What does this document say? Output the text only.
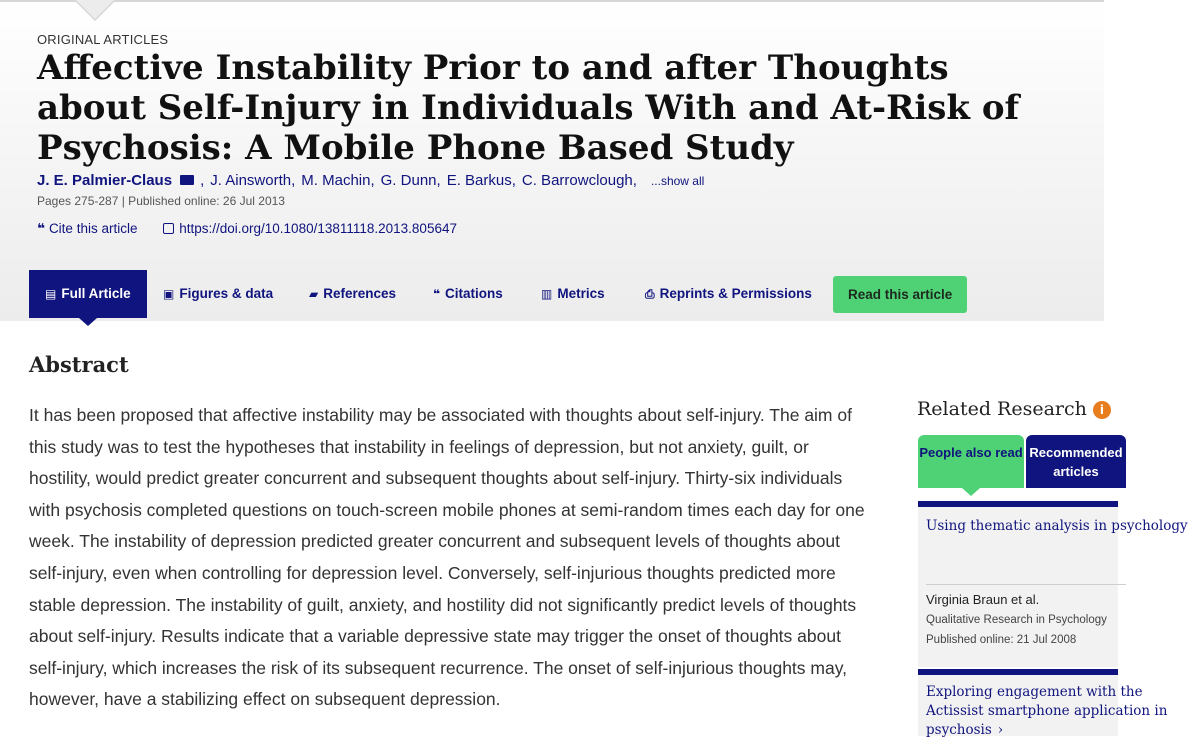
ORIGINAL ARTICLES
Affective Instability Prior to and after Thoughts about Self-Injury in Individuals With and At-Risk of Psychosis: A Mobile Phone Based Study
J. E. Palmier-Claus , J. Ainsworth, M. Machin, G. Dunn, E. Barkus, C. Barrowclough, ...show all
Pages 275-287 | Published online: 26 Jul 2013
❝ Cite this article	https://doi.org/10.1080/13811118.2013.805647
▤ Full Article	▣ Figures & data	▰ References	❝ Citations	▥ Metrics	⎙ Reprints & Permissions	Read this article
Abstract

It has been proposed that affective instability may be associated with thoughts about self-injury. The aim of this study was to test the hypotheses that instability in feelings of depression, but not anxiety, guilt, or hostility, would predict greater concurrent and subsequent thoughts about self-injury. Thirty-six individuals with psychosis completed questions on touch-screen mobile phones at semi-random times each day for one week. The instability of depression predicted greater concurrent and subsequent levels of thoughts about self-injury, even when controlling for depression level. Conversely, self-injurious thoughts predicted more stable depression. The instability of guilt, anxiety, and hostility did not significantly predict levels of thoughts about self-injury. Results indicate that a variable depressive state may trigger the onset of thoughts about self-injury, which increases the risk of its subsequent recurrence. The onset of self-injurious thoughts may, however, have a stabilizing effect on subsequent depression.

Related Research i
People also read Recommended articles
Using thematic analysis in psychology
Virginia Braun et al.
Qualitative Research in Psychology
Published online: 21 Jul 2008
Exploring engagement with the
Actissist smartphone application in
psychosis ›
